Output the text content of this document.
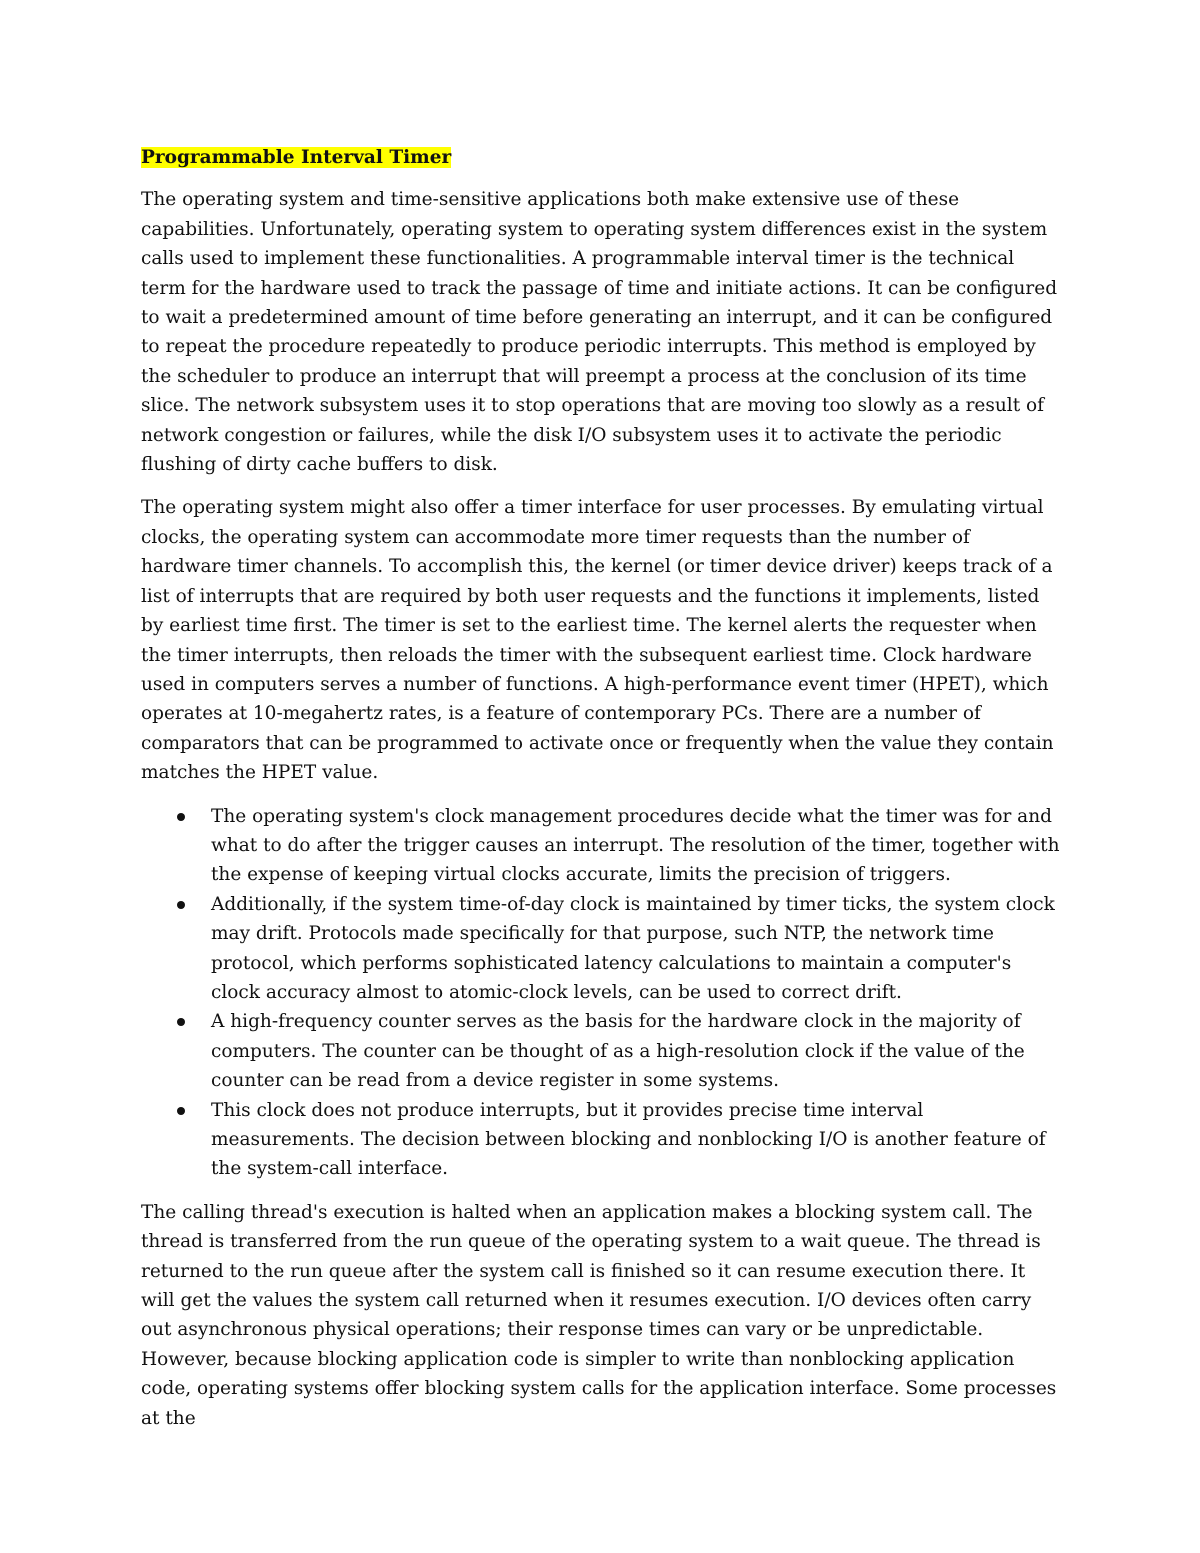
Programmable Interval Timer

The operating system and time-sensitive applications both make extensive use of these capabilities. Unfortunately, operating system to operating system differences exist in the system calls used to implement these functionalities. A programmable interval timer is the technical term for the hardware used to track the passage of time and initiate actions. It can be configured to wait a predetermined amount of time before generating an interrupt, and it can be configured to repeat the procedure repeatedly to produce periodic interrupts. This method is employed by the scheduler to produce an interrupt that will preempt a process at the conclusion of its time slice. The network subsystem uses it to stop operations that are moving too slowly as a result of network congestion or failures, while the disk I/O subsystem uses it to activate the periodic flushing of dirty cache buffers to disk.

The operating system might also offer a timer interface for user processes. By emulating virtual clocks, the operating system can accommodate more timer requests than the number of hardware timer channels. To accomplish this, the kernel (or timer device driver) keeps track of a list of interrupts that are required by both user requests and the functions it implements, listed by earliest time first. The timer is set to the earliest time. The kernel alerts the requester when the timer interrupts, then reloads the timer with the subsequent earliest time. Clock hardware used in computers serves a number of functions. A high-performance event timer (HPET), which operates at 10-megahertz rates, is a feature of contemporary PCs. There are a number of comparators that can be programmed to activate once or frequently when the value they contain matches the HPET value.

The operating system's clock management procedures decide what the timer was for and what to do after the trigger causes an interrupt. The resolution of the timer, together with the expense of keeping virtual clocks accurate, limits the precision of triggers.
Additionally, if the system time-of-day clock is maintained by timer ticks, the system clock may drift. Protocols made specifically for that purpose, such NTP, the network time protocol, which performs sophisticated latency calculations to maintain a computer's clock accuracy almost to atomic-clock levels, can be used to correct drift.
A high-frequency counter serves as the basis for the hardware clock in the majority of computers. The counter can be thought of as a high-resolution clock if the value of the counter can be read from a device register in some systems.
This clock does not produce interrupts, but it provides precise time interval measurements. The decision between blocking and nonblocking I/O is another feature of the system-call interface.

The calling thread's execution is halted when an application makes a blocking system call. The thread is transferred from the run queue of the operating system to a wait queue. The thread is returned to the run queue after the system call is finished so it can resume execution there. It will get the values the system call returned when it resumes execution. I/O devices often carry out asynchronous physical operations; their response times can vary or be unpredictable. However, because blocking application code is simpler to write than nonblocking application code, operating systems offer blocking system calls for the application interface. Some processes at the
